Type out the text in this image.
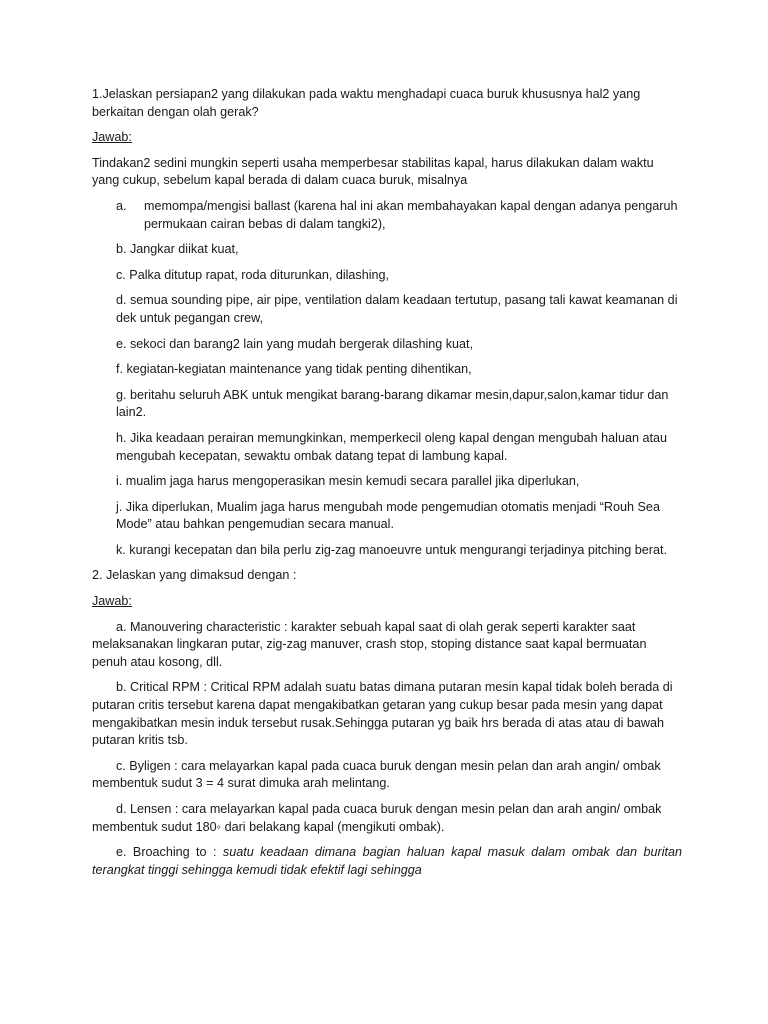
1.Jelaskan persiapan2 yang dilakukan pada waktu menghadapi cuaca buruk khususnya hal2 yang berkaitan dengan olah gerak?

Jawab:

Tindakan2 sedini mungkin seperti usaha memperbesar stabilitas kapal, harus dilakukan dalam waktu yang cukup, sebelum kapal berada di dalam cuaca buruk, misalnya

a.	memompa/mengisi ballast (karena hal ini akan membahayakan kapal dengan adanya pengaruh permukaan cairan bebas di dalam tangki2),

b. Jangkar diikat kuat,

c. Palka ditutup rapat, roda diturunkan, dilashing,

d. semua sounding pipe, air pipe, ventilation dalam keadaan tertutup, pasang tali kawat keamanan di dek untuk pegangan crew,

e. sekoci dan barang2 lain yang mudah bergerak dilashing kuat,

f. kegiatan-kegiatan maintenance yang tidak penting dihentikan,

g. beritahu seluruh ABK untuk mengikat barang-barang dikamar mesin,dapur,salon,kamar tidur dan lain2.

h. Jika keadaan perairan memungkinkan, memperkecil oleng kapal dengan mengubah haluan atau mengubah kecepatan, sewaktu ombak datang tepat di lambung kapal.

i. mualim jaga harus mengoperasikan mesin kemudi secara parallel jika diperlukan,

j. Jika diperlukan, Mualim jaga harus mengubah mode pengemudian otomatis menjadi “Rouh Sea Mode” atau bahkan pengemudian secara manual.

k. kurangi kecepatan dan bila perlu zig-zag manoeuvre untuk mengurangi terjadinya pitching berat.

2. Jelaskan yang dimaksud dengan :

Jawab:

a. Manouvering characteristic : karakter sebuah kapal saat di olah gerak seperti karakter saat melaksanakan lingkaran putar, zig-zag manuver, crash stop, stoping distance saat kapal bermuatan penuh atau kosong, dll.

b. Critical RPM : Critical RPM adalah suatu batas dimana putaran mesin kapal tidak boleh berada di putaran critis tersebut karena dapat mengakibatkan getaran yang cukup besar pada mesin yang dapat mengakibatkan mesin induk tersebut rusak.Sehingga putaran yg baik hrs berada di atas atau di bawah putaran kritis tsb.

c. Byligen : cara melayarkan kapal pada cuaca buruk dengan mesin pelan dan arah angin/ ombak membentuk sudut 3 = 4 surat dimuka arah melintang.

d. Lensen : cara melayarkan kapal pada cuaca buruk dengan mesin pelan dan arah angin/ ombak membentuk sudut 180◦ dari belakang kapal (mengikuti ombak).

e. Broaching to : suatu keadaan dimana bagian haluan kapal masuk dalam ombak dan buritan terangkat tinggi sehingga kemudi tidak efektif lagi sehingga
